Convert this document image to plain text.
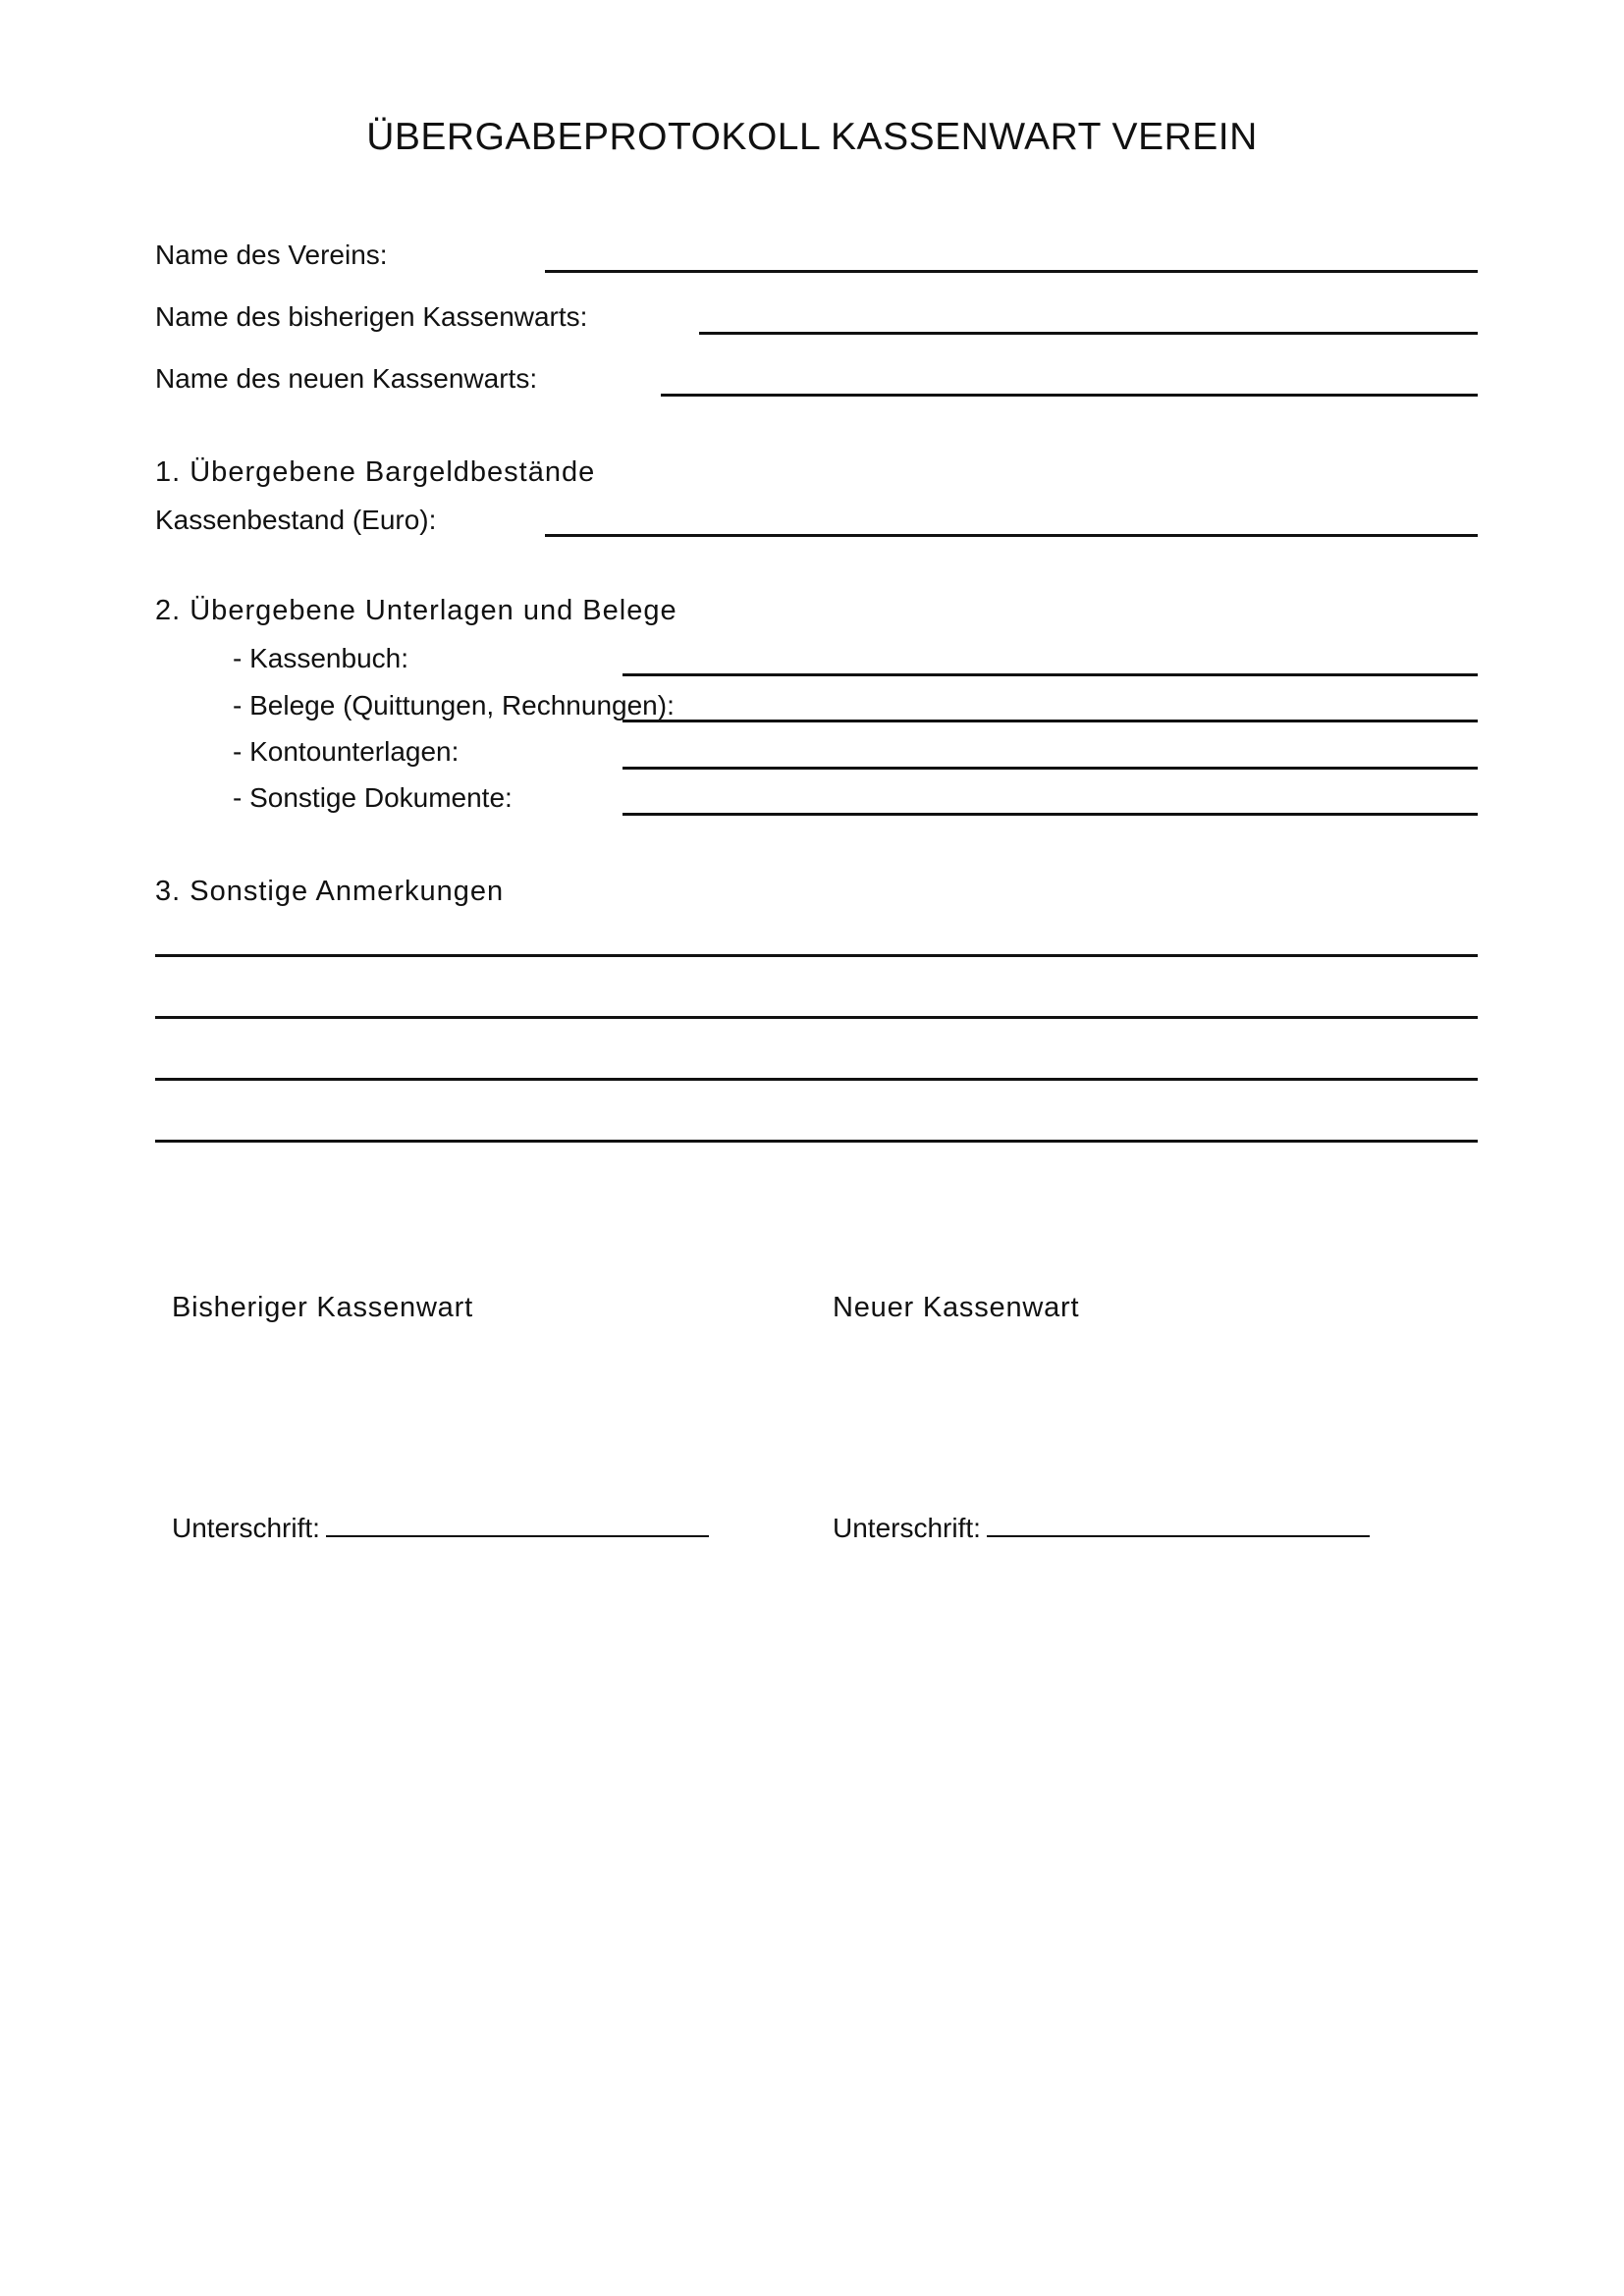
ÜBERGABEPROTOKOLL KASSENWART VEREIN
Name des Vereins:
Name des bisherigen Kassenwarts:
Name des neuen Kassenwarts:
1. Übergebene Bargeldbestände
Kassenbestand (Euro):
2. Übergebene Unterlagen und Belege
- Kassenbuch:
- Belege (Quittungen, Rechnungen):
- Kontounterlagen:
- Sonstige Dokumente:
3. Sonstige Anmerkungen
Bisheriger Kassenwart	Neuer Kassenwart
Unterschrift:	Unterschrift:
